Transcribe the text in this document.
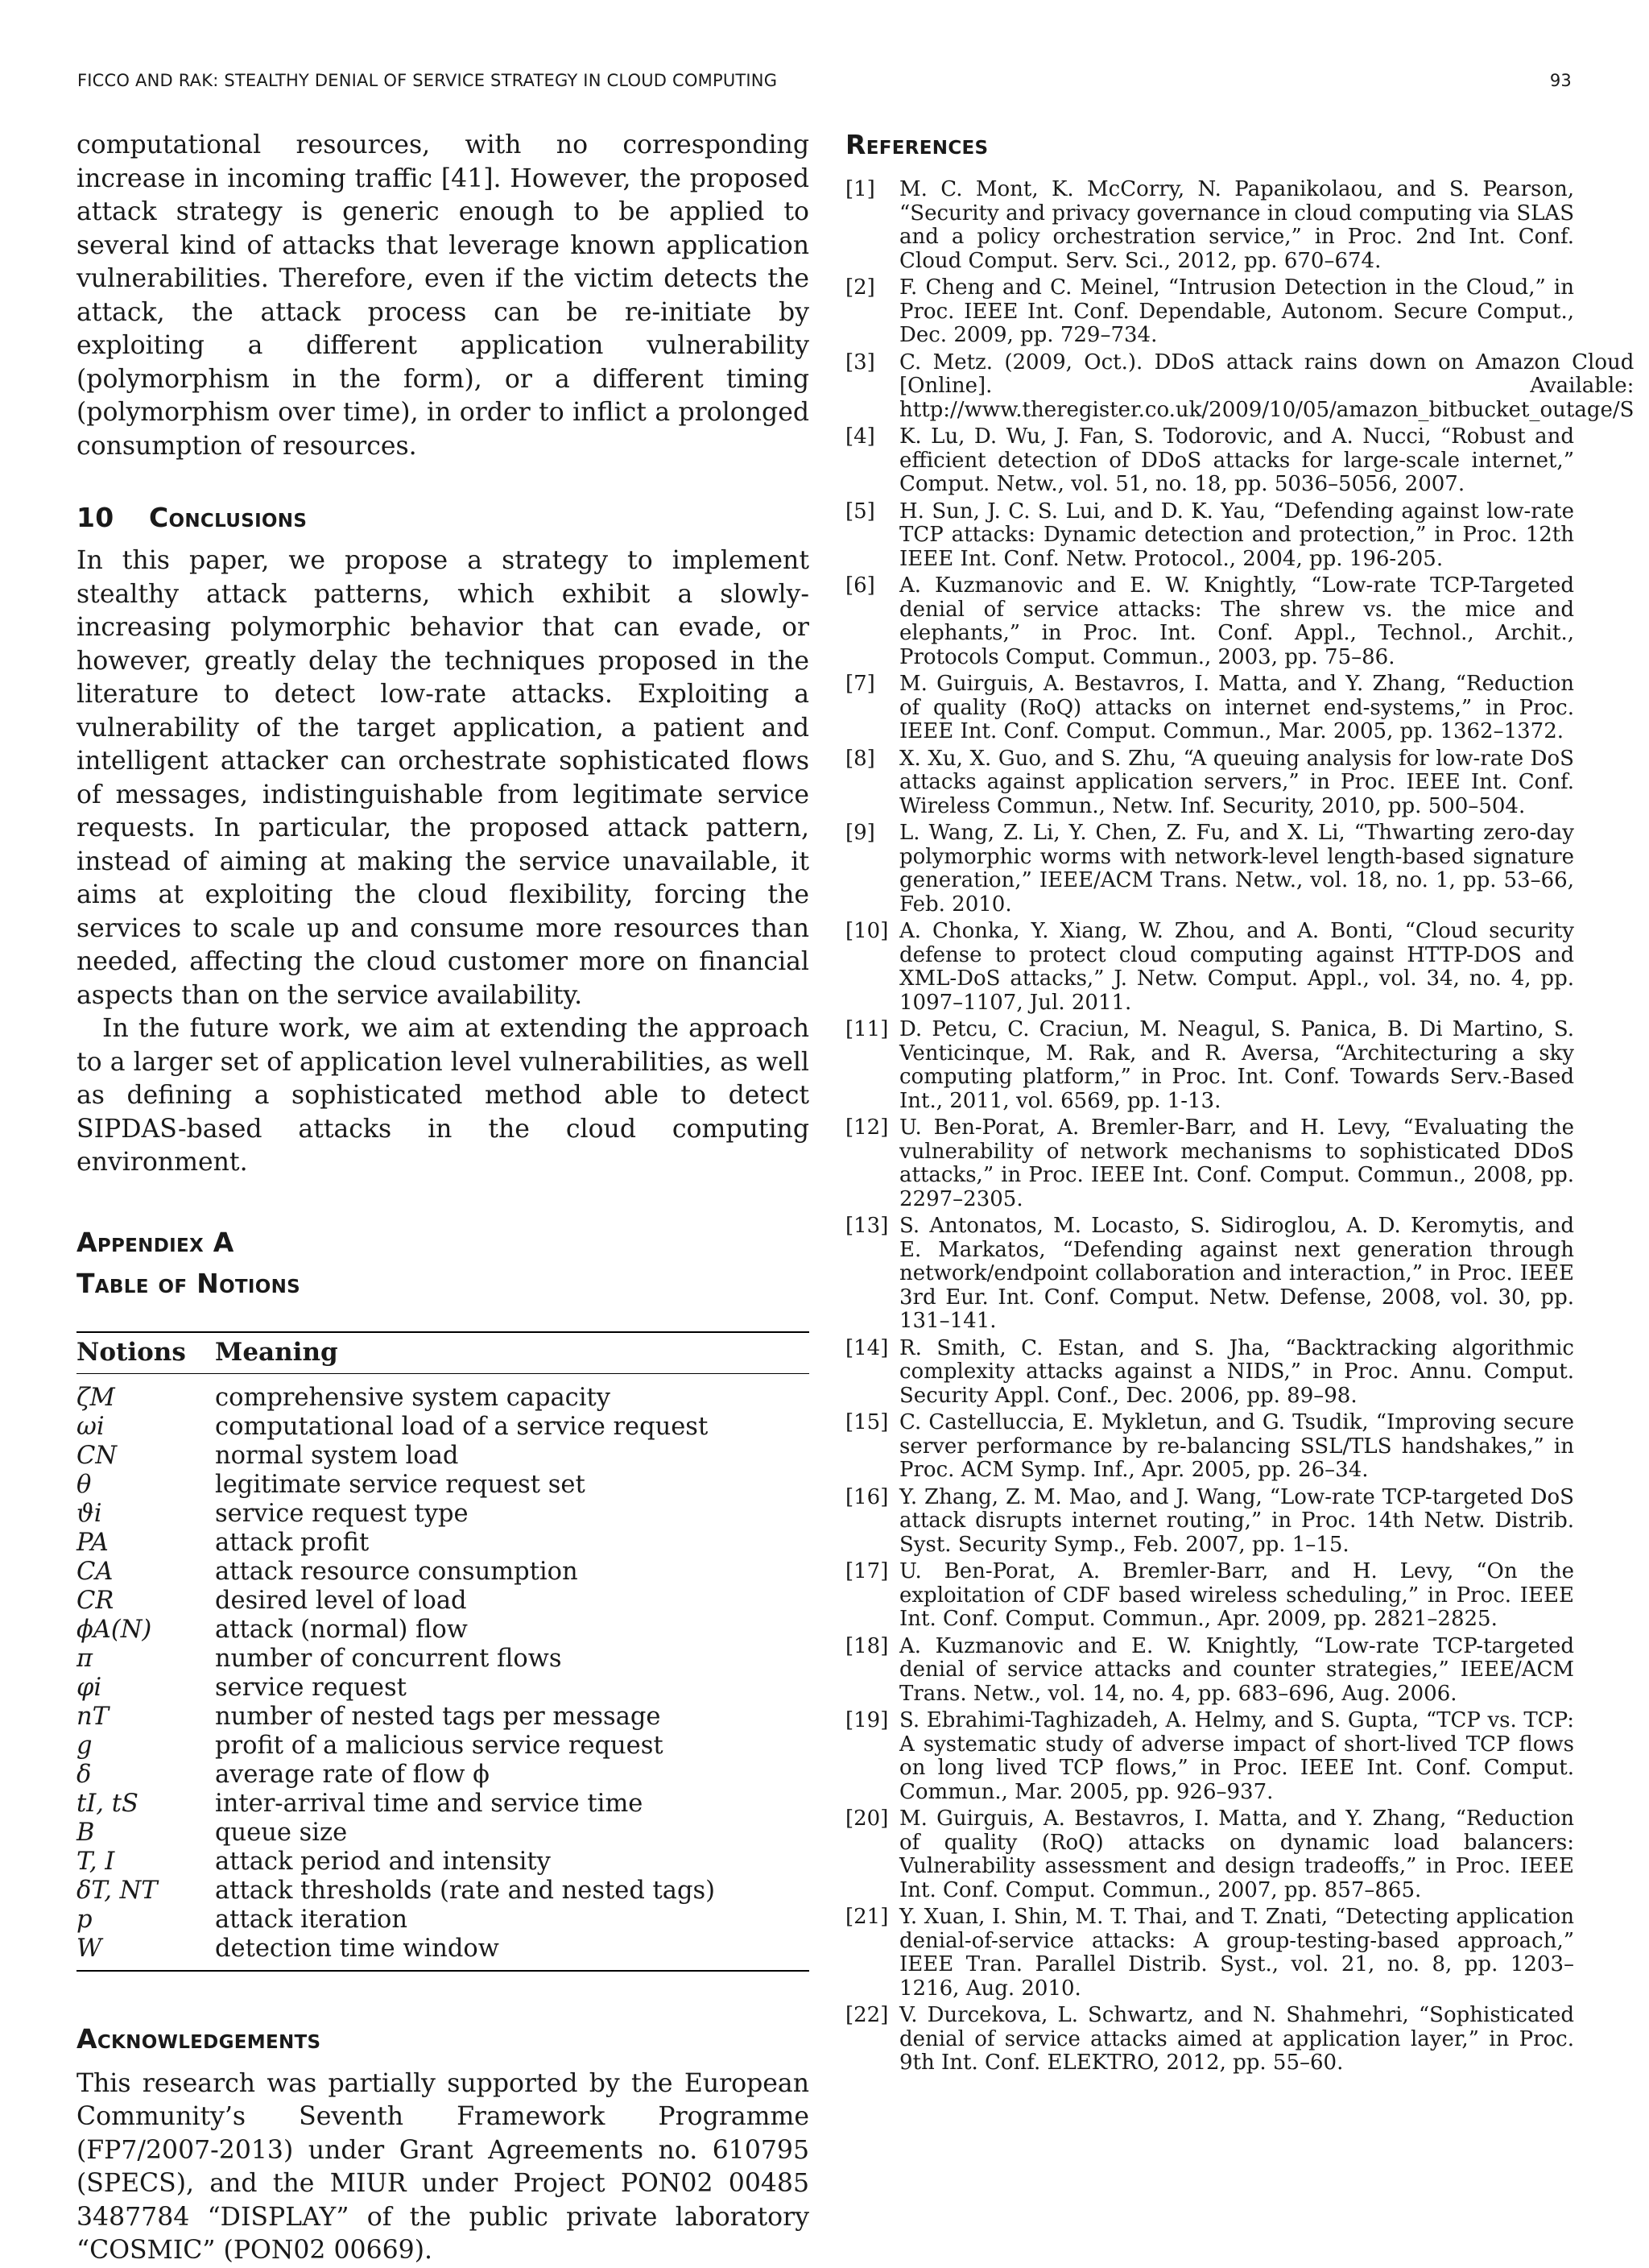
FICCO AND RAK: STEALTHY DENIAL OF SERVICE STRATEGY IN CLOUD COMPUTING	93

computational resources, with no corresponding increase in incoming traffic [41]. However, the proposed attack strategy is generic enough to be applied to several kind of attacks that leverage known application vulnerabilities. Therefore, even if the victim detects the attack, the attack process can be re-initiate by exploiting a different application vulnerability (polymorphism in the form), or a different timing (polymorphism over time), in order to inflict a prolonged consumption of resources.

10 Conclusions

In this paper, we propose a strategy to implement stealthy attack patterns, which exhibit a slowly-increasing polymorphic behavior that can evade, or however, greatly delay the techniques proposed in the literature to detect low-rate attacks. Exploiting a vulnerability of the target application, a patient and intelligent attacker can orchestrate sophisticated flows of messages, indistinguishable from legitimate service requests. In particular, the proposed attack pattern, instead of aiming at making the service unavailable, it aims at exploiting the cloud flexibility, forcing the services to scale up and consume more resources than needed, affecting the cloud customer more on financial aspects than on the service availability.

In the future work, we aim at extending the approach to a larger set of application level vulnerabilities, as well as defining a sophisticated method able to detect SIPDAS-based attacks in the cloud computing environment.

Appendiex A
Table of Notions
Notions	Meaning
ζM	comprehensive system capacity
ωi	computational load of a service request
CN	normal system load
θ	legitimate service request set
ϑi	service request type
PA	attack profit
CA	attack resource consumption
CR	desired level of load
ϕA(N)	attack (normal) flow
π	number of concurrent flows
φi	service request
nT	number of nested tags per message
g	profit of a malicious service request
δ	average rate of flow ϕ
tI, tS	inter-arrival time and service time
B	queue size
T, I	attack period and intensity
δT, NT	attack thresholds (rate and nested tags)
p	attack iteration
W	detection time window
Acknowledgements

This research was partially supported by the European Community’s Seventh Framework Programme (FP7/2007-2013) under Grant Agreements no. 610795 (SPECS), and the MIUR under Project PON02 00485 3487784 “DISPLAY” of the public private laboratory “COSMIC” (PON02 00669).

References
[1]	M. C. Mont, K. McCorry, N. Papanikolaou, and S. Pearson, “Security and privacy governance in cloud computing via SLAS and a policy orchestration service,” in Proc. 2nd Int. Conf. Cloud Comput. Serv. Sci., 2012, pp. 670–674.
[2]	F. Cheng and C. Meinel, “Intrusion Detection in the Cloud,” in Proc. IEEE Int. Conf. Dependable, Autonom. Secure Comput., Dec. 2009, pp. 729–734.
[3]	C. Metz. (2009, Oct.). DDoS attack rains down on Amazon Cloud [Online]. Available: http://www.theregister.co.uk/2009/10/05/amazon_bitbucket_outage/S
[4]	K. Lu, D. Wu, J. Fan, S. Todorovic, and A. Nucci, “Robust and efficient detection of DDoS attacks for large-scale internet,” Comput. Netw., vol. 51, no. 18, pp. 5036–5056, 2007.
[5]	H. Sun, J. C. S. Lui, and D. K. Yau, “Defending against low-rate TCP attacks: Dynamic detection and protection,” in Proc. 12th IEEE Int. Conf. Netw. Protocol., 2004, pp. 196-205.
[6]	A. Kuzmanovic and E. W. Knightly, “Low-rate TCP-Targeted denial of service attacks: The shrew vs. the mice and elephants,” in Proc. Int. Conf. Appl., Technol., Archit., Protocols Comput. Commun., 2003, pp. 75–86.
[7]	M. Guirguis, A. Bestavros, I. Matta, and Y. Zhang, “Reduction of quality (RoQ) attacks on internet end-systems,” in Proc. IEEE Int. Conf. Comput. Commun., Mar. 2005, pp. 1362–1372.
[8]	X. Xu, X. Guo, and S. Zhu, “A queuing analysis for low-rate DoS attacks against application servers,” in Proc. IEEE Int. Conf. Wireless Commun., Netw. Inf. Security, 2010, pp. 500–504.
[9]	L. Wang, Z. Li, Y. Chen, Z. Fu, and X. Li, “Thwarting zero-day polymorphic worms with network-level length-based signature generation,” IEEE/ACM Trans. Netw., vol. 18, no. 1, pp. 53–66, Feb. 2010.
[10] A. Chonka, Y. Xiang, W. Zhou, and A. Bonti, “Cloud security defense to protect cloud computing against HTTP-DOS and XML-DoS attacks,” J. Netw. Comput. Appl., vol. 34, no. 4, pp. 1097–1107, Jul. 2011.
[11] D. Petcu, C. Craciun, M. Neagul, S. Panica, B. Di Martino, S. Venticinque, M. Rak, and R. Aversa, “Architecturing a sky computing platform,” in Proc. Int. Conf. Towards Serv.-Based Int., 2011, vol. 6569, pp. 1-13.
[12] U. Ben-Porat, A. Bremler-Barr, and H. Levy, “Evaluating the vulnerability of network mechanisms to sophisticated DDoS attacks,” in Proc. IEEE Int. Conf. Comput. Commun., 2008, pp. 2297–2305.
[13] S. Antonatos, M. Locasto, S. Sidiroglou, A. D. Keromytis, and E. Markatos, “Defending against next generation through network/endpoint collaboration and interaction,” in Proc. IEEE 3rd Eur. Int. Conf. Comput. Netw. Defense, 2008, vol. 30, pp. 131–141.
[14] R. Smith, C. Estan, and S. Jha, “Backtracking algorithmic complexity attacks against a NIDS,” in Proc. Annu. Comput. Security Appl. Conf., Dec. 2006, pp. 89–98.
[15] C. Castelluccia, E. Mykletun, and G. Tsudik, “Improving secure server performance by re-balancing SSL/TLS handshakes,” in Proc. ACM Symp. Inf., Apr. 2005, pp. 26–34.
[16] Y. Zhang, Z. M. Mao, and J. Wang, “Low-rate TCP-targeted DoS attack disrupts internet routing,” in Proc. 14th Netw. Distrib. Syst. Security Symp., Feb. 2007, pp. 1–15.
[17] U. Ben-Porat, A. Bremler-Barr, and H. Levy, “On the exploitation of CDF based wireless scheduling,” in Proc. IEEE Int. Conf. Comput. Commun., Apr. 2009, pp. 2821–2825.
[18] A. Kuzmanovic and E. W. Knightly, “Low-rate TCP-targeted denial of service attacks and counter strategies,” IEEE/ACM Trans. Netw., vol. 14, no. 4, pp. 683–696, Aug. 2006.
[19] S. Ebrahimi-Taghizadeh, A. Helmy, and S. Gupta, “TCP vs. TCP: A systematic study of adverse impact of short-lived TCP flows on long lived TCP flows,” in Proc. IEEE Int. Conf. Comput. Commun., Mar. 2005, pp. 926–937.
[20] M. Guirguis, A. Bestavros, I. Matta, and Y. Zhang, “Reduction of quality (RoQ) attacks on dynamic load balancers: Vulnerability assessment and design tradeoffs,” in Proc. IEEE Int. Conf. Comput. Commun., 2007, pp. 857–865.
[21] Y. Xuan, I. Shin, M. T. Thai, and T. Znati, “Detecting application denial-of-service attacks: A group-testing-based approach,” IEEE Tran. Parallel Distrib. Syst., vol. 21, no. 8, pp. 1203–1216, Aug. 2010.
[22] V. Durcekova, L. Schwartz, and N. Shahmehri, “Sophisticated denial of service attacks aimed at application layer,” in Proc. 9th Int. Conf. ELEKTRO, 2012, pp. 55–60.
